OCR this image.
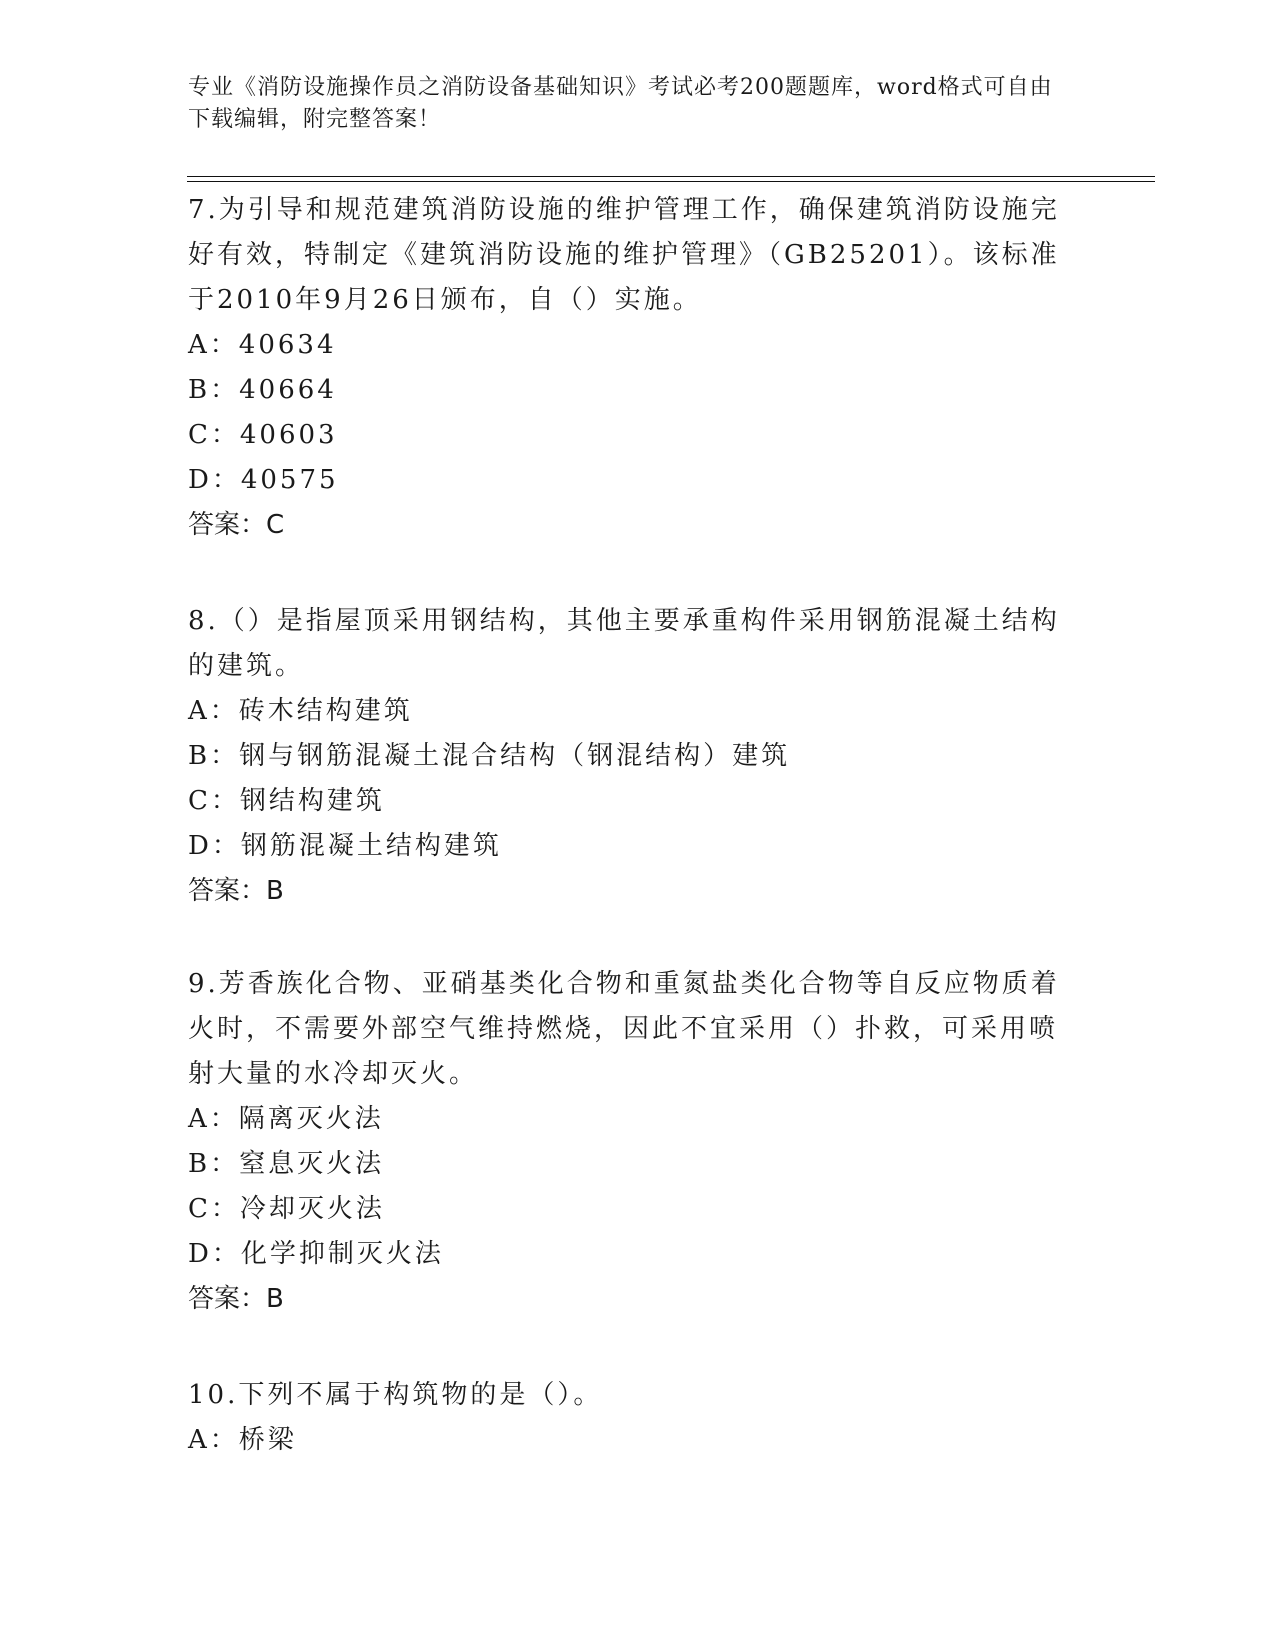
专业《消防设施操作员之消防设备基础知识》考试必考200题题库，word格式可自由下载编辑，附完整答案！

7.为引导和规范建筑消防设施的维护管理工作，确保建筑消防设施完好有效，特制定《建筑消防设施的维护管理》（GB25201）。该标准于2010年9月26日颁布，自（）实施。

A：40634

B：40664

C：40603

D：40575

答案：C

8.（）是指屋顶采用钢结构，其他主要承重构件采用钢筋混凝土结构的建筑。

A：砖木结构建筑

B：钢与钢筋混凝土混合结构（钢混结构）建筑

C：钢结构建筑

D：钢筋混凝土结构建筑

答案：B

9.芳香族化合物、亚硝基类化合物和重氮盐类化合物等自反应物质着火时，不需要外部空气维持燃烧，因此不宜采用（）扑救，可采用喷射大量的水冷却灭火。

A：隔离灭火法

B：窒息灭火法

C：冷却灭火法

D：化学抑制灭火法

答案：B

10.下列不属于构筑物的是（）。

A：桥梁
